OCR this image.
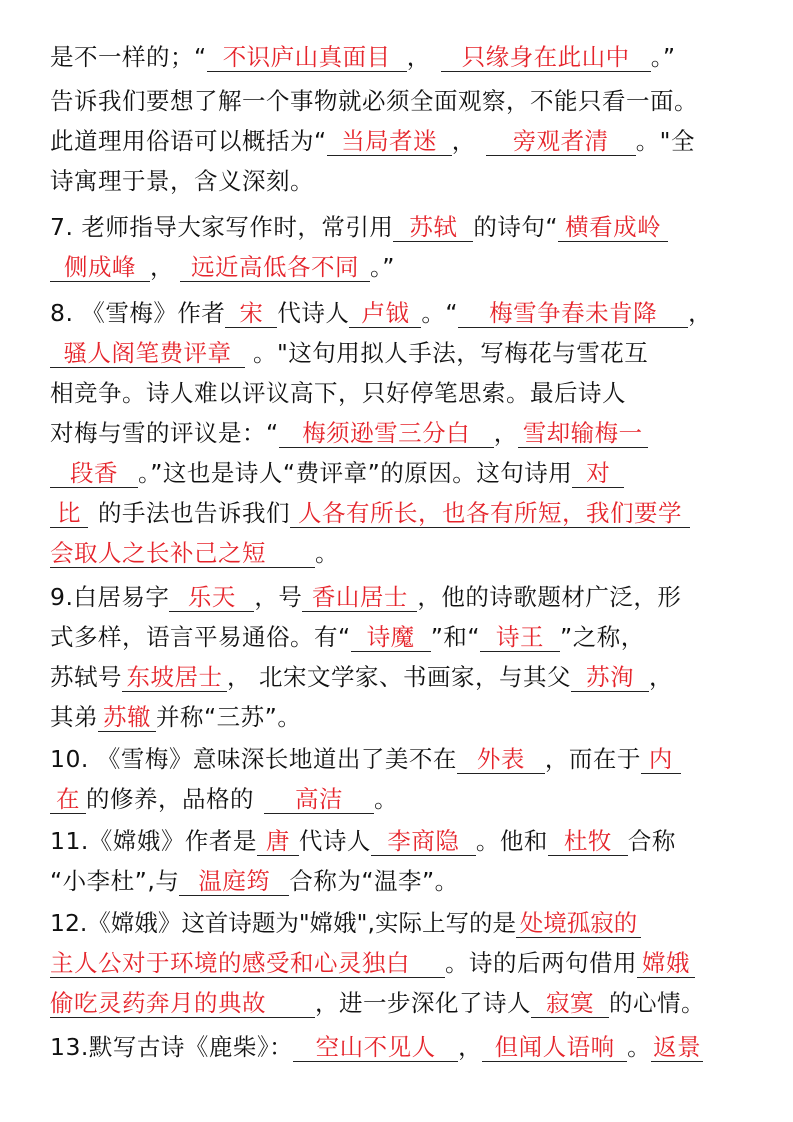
是不一样的；“ 不识庐山真面目 ， 只缘身在此山中 。”
告诉我们要想了解一个事物就必须全面观察，不能只看一面。
此道理用俗语可以概括为“ 当局者迷 ， 旁观者清 。"全
诗寓理于景，含义深刻。
7. 老师指导大家写作时，常引用 苏轼 的诗句“ 横看成岭
侧成峰 ， 远近高低各不同 。”
8. 《雪梅》作者 宋 代诗人 卢钺 。“ 梅雪争春未肯降 ，
骚人阁笔费评章 。"这句用拟人手法，写梅花与雪花互
相竞争。诗人难以评议高下，只好停笔思索。最后诗人
对梅与雪的评议是：“ 梅须逊雪三分白 ， 雪却输梅一
段香 。”这也是诗人“费评章”的原因。这句诗用 对
比 的手法也告诉我们 人各有所长，也各有所短，我们要学
会取人之长补己之短 。
9.白居易字 乐天 ，号 香山居士 ，他的诗歌题材广泛，形
式多样，语言平易通俗。有“ 诗魔 ”和“ 诗王 ”之称，
苏轼号 东坡居士 ， 北宋文学家、书画家，与其父 苏洵 ，
其弟 苏辙 并称“三苏”。
10. 《雪梅》意味深长地道出了美不在 外表 ，而在于 内
在 的修养，品格的 高洁 。
11.《嫦娥》作者是 唐 代诗人 李商隐 。他和 杜牧 合称
“小李杜”,与 温庭筠 合称为“温李”。
12.《嫦娥》这首诗题为"嫦娥",实际上写的是 处境孤寂的
主人公对于环境的感受和心灵独白 。诗的后两句借用 嫦娥
偷吃灵药奔月的典故 ，进一步深化了诗人 寂寞 的心情。
13.默写古诗《鹿柴》： 空山不见人 ， 但闻人语响 。返景
